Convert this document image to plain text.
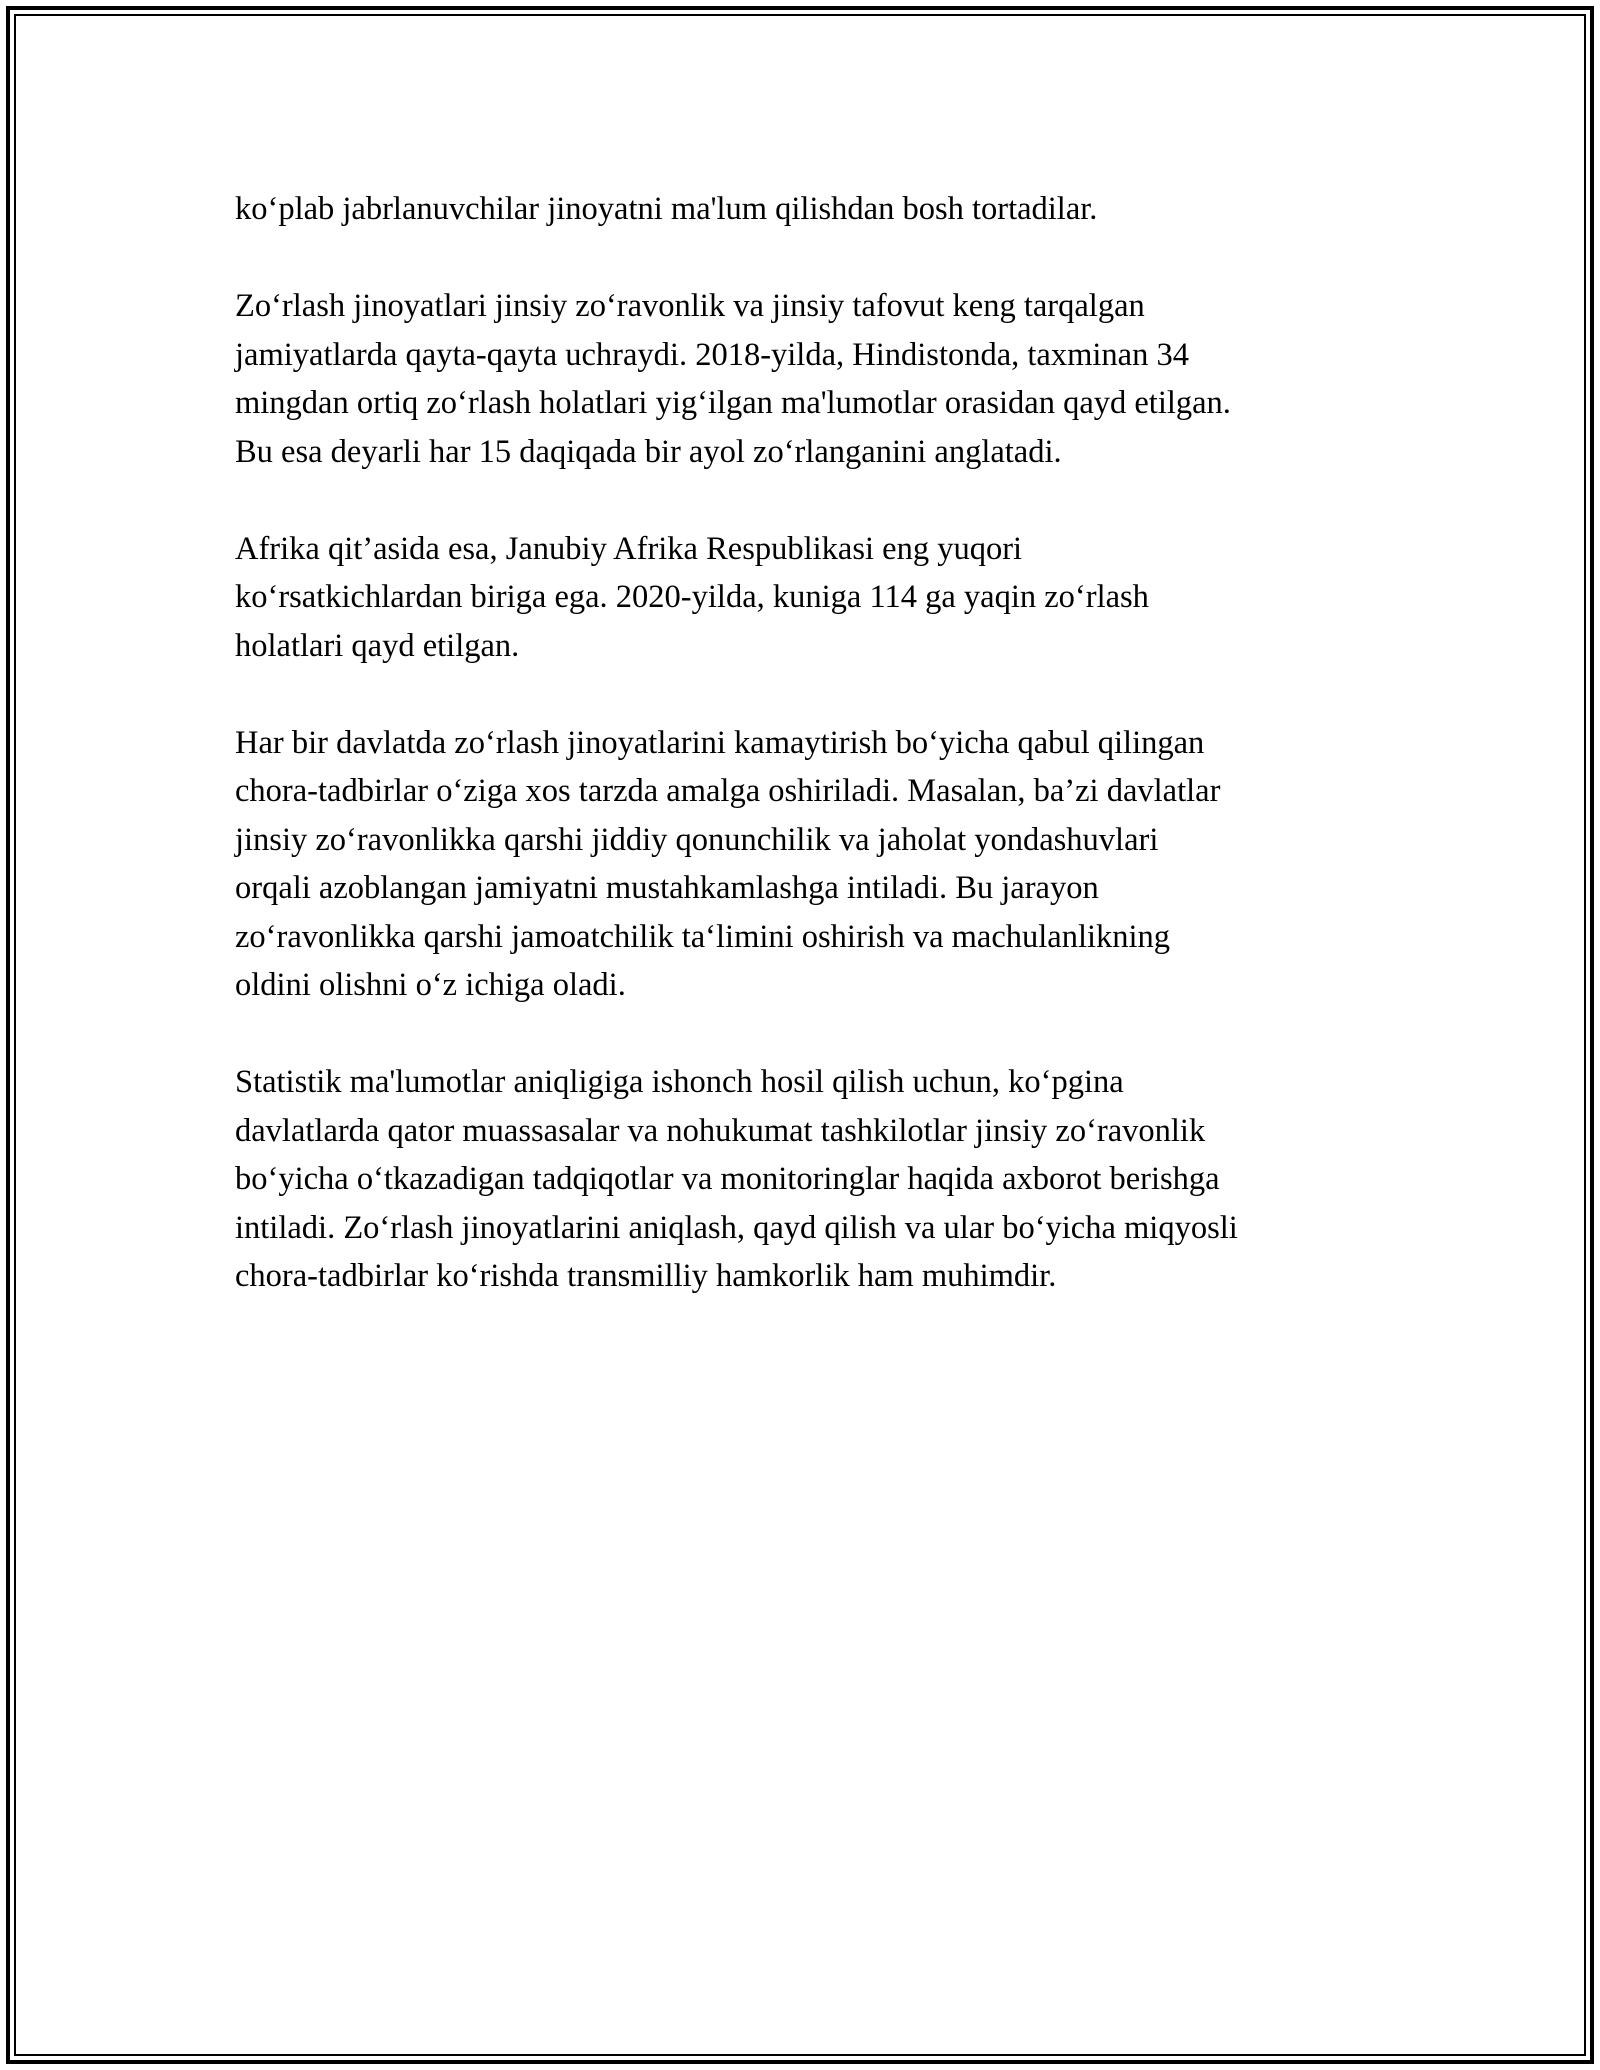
ko‘plab jabrlanuvchilar jinoyatni ma'lum qilishdan bosh tortadilar.

Zo‘rlash jinoyatlari jinsiy zo‘ravonlik va jinsiy tafovut keng tarqalgan
jamiyatlarda qayta-qayta uchraydi. 2018-yilda, Hindistonda, taxminan 34
mingdan ortiq zo‘rlash holatlari yig‘ilgan ma'lumotlar orasidan qayd etilgan.
Bu esa deyarli har 15 daqiqada bir ayol zo‘rlanganini anglatadi.

Afrika qit’asida esa, Janubiy Afrika Respublikasi eng yuqori
ko‘rsatkichlardan biriga ega. 2020-yilda, kuniga 114 ga yaqin zo‘rlash
holatlari qayd etilgan.

Har bir davlatda zo‘rlash jinoyatlarini kamaytirish bo‘yicha qabul qilingan
chora-tadbirlar o‘ziga xos tarzda amalga oshiriladi. Masalan, ba’zi davlatlar
jinsiy zo‘ravonlikka qarshi jiddiy qonunchilik va jaholat yondashuvlari
orqali azoblangan jamiyatni mustahkamlashga intiladi. Bu jarayon
zo‘ravonlikka qarshi jamoatchilik ta‘limini oshirish va machulanlikning
oldini olishni o‘z ichiga oladi.

Statistik ma'lumotlar aniqligiga ishonch hosil qilish uchun, ko‘pgina
davlatlarda qator muassasalar va nohukumat tashkilotlar jinsiy zo‘ravonlik
bo‘yicha o‘tkazadigan tadqiqotlar va monitoringlar haqida axborot berishga
intiladi. Zo‘rlash jinoyatlarini aniqlash, qayd qilish va ular bo‘yicha miqyosli
chora-tadbirlar ko‘rishda transmilliy hamkorlik ham muhimdir.
